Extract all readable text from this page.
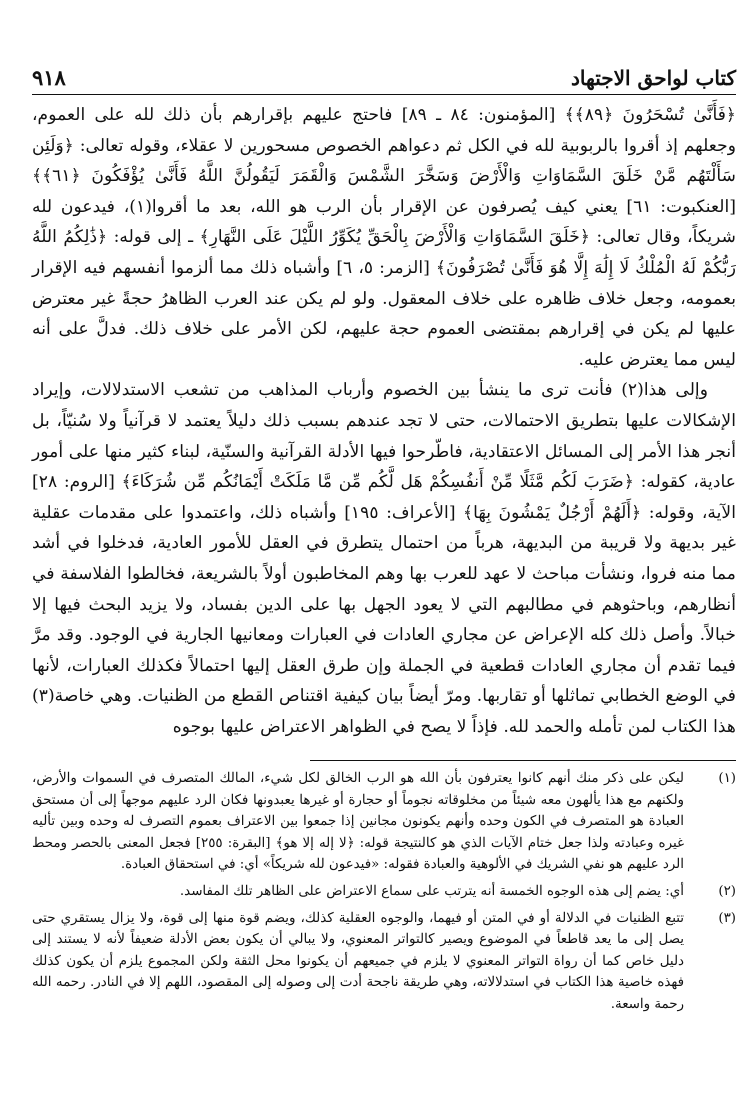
كتاب لواحق الاجتهاد
٩١٨

﴿فَأَنَّىٰ تُسْحَرُونَ ﴿٨٩﴾﴾ [المؤمنون: ٨٤ ـ ٨٩] فاحتج عليهم بإقرارهم بأن ذلك لله على العموم، وجعلهم إذ أقروا بالربوبية لله في الكل ثم دعواهم الخصوص مسحورين لا عقلاء، وقوله تعالى: ﴿وَلَئِن سَأَلْتَهُم مَّنْ خَلَقَ السَّمَاوَاتِ وَالْأَرْضَ وَسَخَّرَ الشَّمْسَ وَالْقَمَرَ لَيَقُولُنَّ اللَّهُ فَأَنَّىٰ يُؤْفَكُونَ ﴿٦١﴾﴾ [العنكبوت: ٦١] يعني كيف يُصرفون عن الإقرار بأن الرب هو الله، بعد ما أقروا(١)، فيدعون لله شريكاً، وقال تعالى: ﴿خَلَقَ السَّمَاوَاتِ وَالْأَرْضَ بِالْحَقِّ يُكَوِّرُ اللَّيْلَ عَلَى النَّهَارِ﴾ ـ إلى قوله: ﴿ذَٰلِكُمُ اللَّهُ رَبُّكُمْ لَهُ الْمُلْكُ لَا إِلَٰهَ إِلَّا هُوَ فَأَنَّىٰ تُصْرَفُونَ﴾ [الزمر: ٥، ٦] وأشباه ذلك مما ألزموا أنفسهم فيه الإقرار بعمومه، وجعل خلاف ظاهره على خلاف المعقول. ولو لم يكن عند العرب الظاهرُ حجةً غير معترض عليها لم يكن في إقرارهم بمقتضى العموم حجة عليهم، لكن الأمر على خلاف ذلك. فدلَّ على أنه ليس مما يعترض عليه.

وإلى هذا(٢) فأنت ترى ما ينشأ بين الخصوم وأرباب المذاهب من تشعب الاستدلالات، وإيراد الإشكالات عليها بتطريق الاحتمالات، حتى لا تجد عندهم بسبب ذلك دليلاً يعتمد لا قرآنياً ولا سُنيّاً، بل أنجر هذا الأمر إلى المسائل الاعتقادية، فاطّرحوا فيها الأدلة القرآنية والسنّية، لبناء كثير منها على أمور عادية، كقوله: ﴿ضَرَبَ لَكُم مَّثَلًا مِّنْ أَنفُسِكُمْ هَل لَّكُم مِّن مَّا مَلَكَتْ أَيْمَانُكُم مِّن شُرَكَاءَ﴾ [الروم: ٢٨] الآية، وقوله: ﴿أَلَهُمْ أَرْجُلٌ يَمْشُونَ بِهَا﴾ [الأعراف: ١٩٥] وأشباه ذلك، واعتمدوا على مقدمات عقلية غير بديهة ولا قريبة من البديهة، هرباً من احتمال يتطرق في العقل للأمور العادية، فدخلوا في أشد مما منه فروا، ونشأت مباحث لا عهد للعرب بها وهم المخاطبون أولاً بالشريعة، فخالطوا الفلاسفة في أنظارهم، وباحثوهم في مطالبهم التي لا يعود الجهل بها على الدين بفساد، ولا يزيد البحث فيها إلا خبالاً. وأصل ذلك كله الإعراض عن مجاري العادات في العبارات ومعانيها الجارية في الوجود. وقد مرَّ فيما تقدم أن مجاري العادات قطعية في الجملة وإن طرق العقل إليها احتمالاً فكذلك العبارات، لأنها في الوضع الخطابي تماثلها أو تقاربها. ومرّ أيضاً بيان كيفية اقتناص القطع من الظنيات. وهي خاصة(٣) هذا الكتاب لمن تأمله والحمد لله. فإذاً لا يصح في الظواهر الاعتراض عليها بوجوه

(١)
ليكن على ذكر منك أنهم كانوا يعترفون بأن الله هو الرب الخالق لكل شيء، المالك المتصرف في السموات والأرض، ولكنهم مع هذا يألهون معه شيئاً من مخلوقاته نجوماً أو حجارة أو غيرها يعبدونها فكان الرد عليهم موجهاً إلى أن مستحق العبادة هو المتصرف في الكون وحده وأنهم يكونون مجانين إذا جمعوا بين الاعتراف بعموم التصرف له وحده وبين تأليه غيره وعبادته ولذا جعل ختام الآيات الذي هو كالنتيجة قوله: ﴿لا إله إلا هو﴾ [البقرة: ٢٥٥] فجعل المعنى بالحصر ومحط الرد عليهم هو نفي الشريك في الألوهية والعبادة فقوله: «فيدعون لله شريكاً» أي: في استحقاق العبادة.
(٢)
أي: يضم إلى هذه الوجوه الخمسة أنه يترتب على سماع الاعتراض على الظاهر تلك المفاسد.
(٣)
تتبع الظنيات في الدلالة أو في المتن أو فيهما، والوجوه العقلية كذلك، ويضم قوة منها إلى قوة، ولا يزال يستقري حتى يصل إلى ما يعد قاطعاً في الموضوع ويصير كالتواتر المعنوي، ولا يبالي أن يكون بعض الأدلة ضعيفاً لأنه لا يستند إلى دليل خاص كما أن رواة التواتر المعنوي لا يلزم في جميعهم أن يكونوا محل الثقة ولكن المجموع يلزم أن يكون كذلك فهذه خاصية هذا الكتاب في استدلالاته، وهي طريقة ناجحة أدت إلى وصوله إلى المقصود، اللهم إلا في النادر. رحمه الله رحمة واسعة.
